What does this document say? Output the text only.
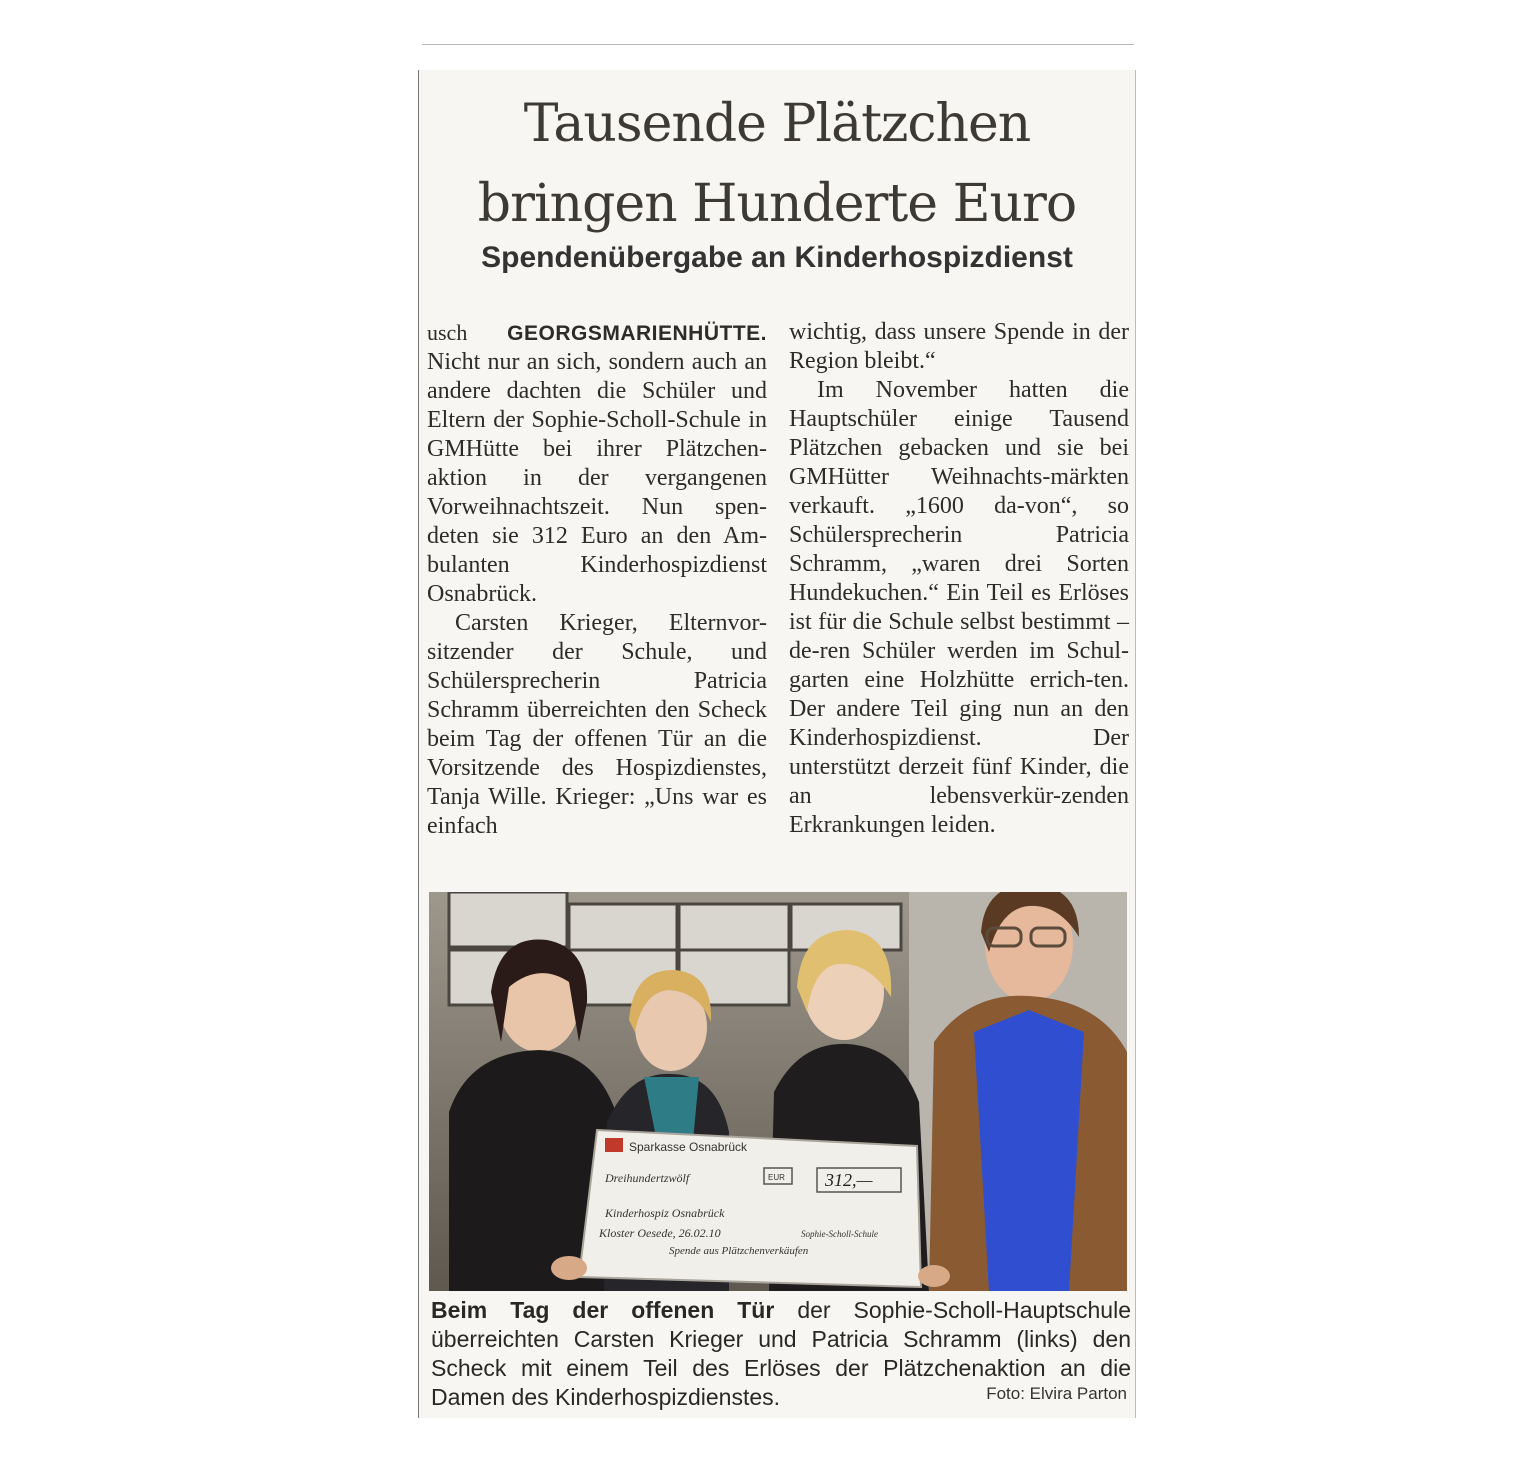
Tausende Plätzchen
bringen Hunderte Euro
Spendenübergabe an Kinderhospizdienst

usch GEORGSMARIENHÜTTE. Nicht nur an sich, sondern auch an andere dachten die Schüler und Eltern der Sophie-Scholl-Schule in GMHütte bei ihrer Plätzchen-aktion in der vergangenen Vorweihnachtszeit. Nun spen-deten sie 312 Euro an den Am-bulanten Kinderhospizdienst Osnabrück.

Carsten Krieger, Elternvor-sitzender der Schule, und Schülersprecherin Patricia Schramm überreichten den Scheck beim Tag der offenen Tür an die Vorsitzende des Hospizdienstes, Tanja Wille. Krieger: „Uns war es einfach

wichtig, dass unsere Spende in der Region bleibt.“

Im November hatten die Hauptschüler einige Tausend Plätzchen gebacken und sie bei GMHütter Weihnachts-märkten verkauft. „1600 da-von“, so Schülersprecherin Patricia Schramm, „waren drei Sorten Hundekuchen.“ Ein Teil es Erlöses ist für die Schule selbst bestimmt – de-ren Schüler werden im Schul-garten eine Holzhütte errich-ten. Der andere Teil ging nun an den Kinderhospizdienst. Der unterstützt derzeit fünf Kinder, die an lebensverkür-zenden Erkrankungen leiden.

Sparkasse Osnabrück
Dreihundertzwölf	EUR 312,—
Kinderhospiz Osnabrück
Kloster Oesede, 26.02.10	Sophie-Scholl-Schule
Spende aus Plätzchenverkäufen
Beim Tag der offenen Tür der Sophie-Scholl-Hauptschule überreichten Carsten Krieger und Patricia Schramm (links) den Scheck mit einem Teil des Erlöses der Plätzchenaktion an die Damen des Kinderhospizdienstes.	Foto: Elvira Parton
